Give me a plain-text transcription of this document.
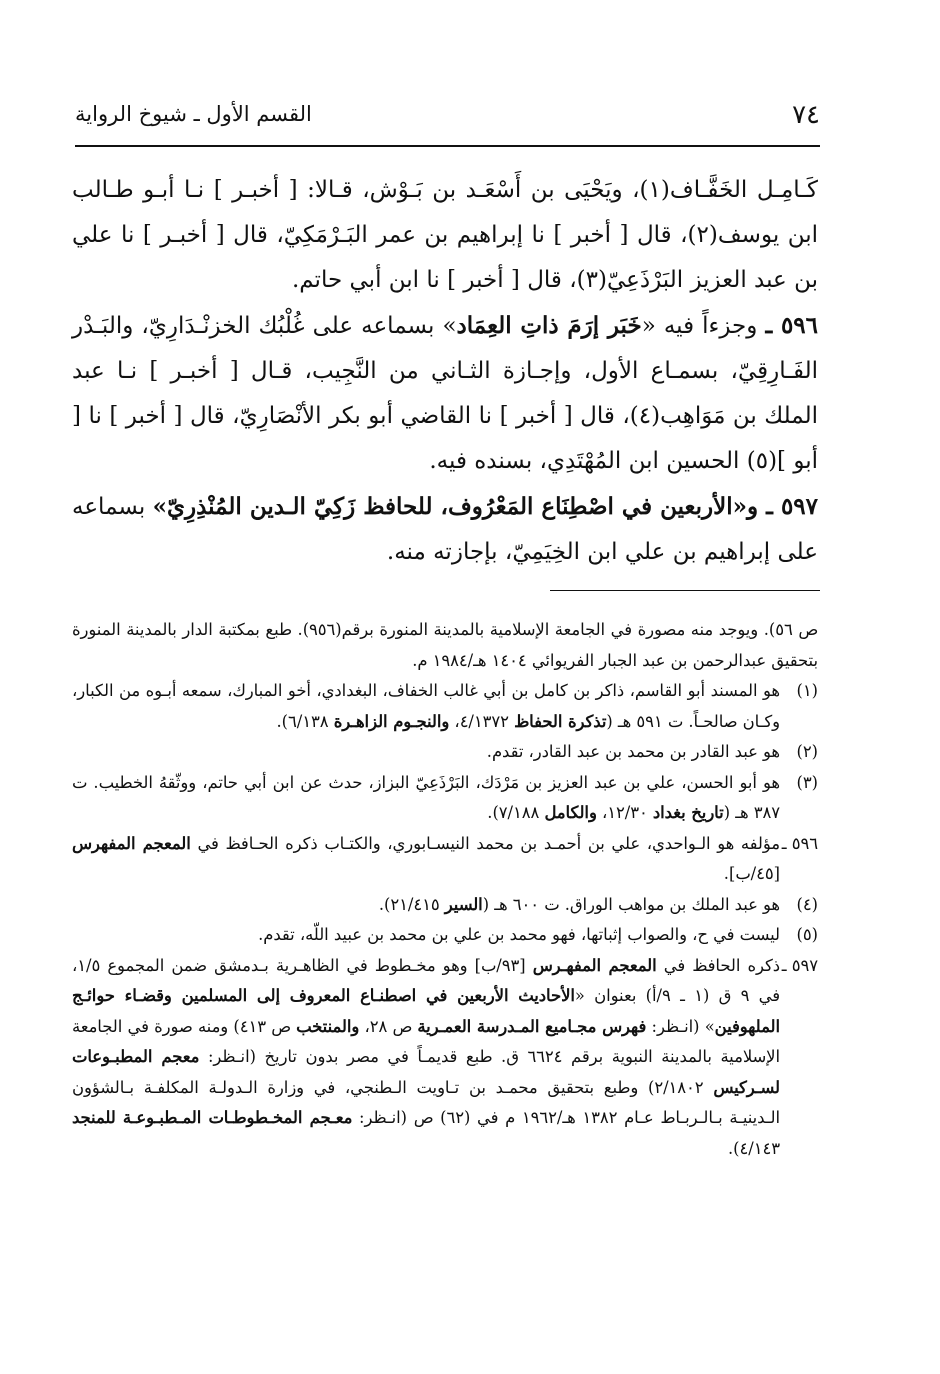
٧٤
القسم الأول ـ شيوخ الرواية

كَـامِـل الخَفَّـاف(١)، ويَحْيَى بن أَسْعَـد بن بَـوْش، قـالا: [ أخبـر ] نـا أبـو طـالب ابن يوسف(٢)، قال [ أخبر ] نا إبراهيم بن عمر البَـرْمَكِيّ، قال [ أخبـر ] نا علي بن عبد العزيز البَرْذَعِيّ(٣)، قال [ أخبر ] نا ابن أبي حاتم.

٥٩٦ ـ وجزءاً فيه «خَبَر إرَمَ ذاتِ العِمَاد» بسماعه على غُلْبُك الخزنْـدَارِيّ، والبَـدْر الفَـارِقِيّ، بسمـاع الأول، وإجـازة الثـاني من النَّجِيب، قـال [ أخبـر ] نـا عبد الملك بن مَوَاهِب(٤)، قال [ أخبر ] نا القاضي أبو بكر الأنْصَارِيّ، قال [ أخبر ] نا [ أبو ](٥) الحسين ابن المُهْتَدِي، بسنده فيه.

٥٩٧ ـ و«الأربعين في اصْطِنَاع المَعْرُوف، للحافظ زَكِيّ الـدين المُنْذِرِيّ» بسماعه على إبراهيم بن علي ابن الخِيَمِيّ، بإجازته منه.

ص ٥٦). ويوجد منه مصورة في الجامعة الإسلامية بالمدينة المنورة برقم(٩٥٦). طبع بمكتبة الدار بالمدينة المنورة بتحقيق عبدالرحمن بن عبد الجبار الفريوائي ١٤٠٤ هـ/١٩٨٤ م.

(١)هو المسند أبو القاسم، ذاكر بن كامل بن أبي غالب الخفاف، البغدادي، أخو المبارك، سمعه أبـوه من الكبار، وكـان صالحـاً. ت ٥٩١ هـ (تذكرة الحفاظ ٤/١٣٧٢، والنجـوم الزاهـرة ٦/١٣٨).

(٢)هو عبد القادر بن محمد بن عبد القادر، تقدم.

(٣)هو أبو الحسن، علي بن عبد العزيز بن مَرْدَك، البَرْذَعِيّ البزاز، حدث عن ابن أبي حاتم، ووثّقهُ الخطيب. ت ٣٨٧ هـ (تاريخ بغداد ١٢/٣٠، والكامل ٧/١٨٨).

٥٩٦ ـمؤلفه هو الـواحدي، علي بن أحمـد بن محمد النيسـابوري، والكتـاب ذكره الحـافظ في المعجم المفهرس [٤٥/ب].

(٤)هو عبد الملك بن مواهب الوراق. ت ٦٠٠ هـ (السير ٢١/٤١٥).

(٥)ليست في ح، والصواب إثباتها، فهو محمد بن علي بن محمد بن عبيد اللّه، تقدم.

٥٩٧ ـذكره الحافظ في المعجم المفهـرس [٩٣/ب] وهو مخـطوط في الظاهـرية بـدمشق ضمن المجموع ١/٥، في ٩ ق (١ ـ ٩/أ) بعنوان «الأحاديث الأربعين في اصطنـاع المعروف إلى المسلمين وقضـاء حوائـج الملهوفين» (انـظر: فهرس مجـاميع المـدرسة العمـرية ص ٢٨، والمنتخب ص ٤١٣) ومنه صورة في الجامعة الإسلامية بالمدينة النبوية برقم ٦٦٢٤ ق. طبع قديمـاً في مصر بدون تاريخ (انـظر: معجم المطبـوعات لسـركيس ٢/١٨٠٢) وطبع بتحقيق محمـد بن تـاويت الـطنجي، في وزارة الـدولـة المكلفـة بـالشؤون الـدينيـة بـالـربـاط عـام ١٣٨٢ هـ/١٩٦٢ م في (٦٢) ص (انـظر: معـجم المخـطوطـات المـطبـوعـة للمنجد ٤/١٤٣).
